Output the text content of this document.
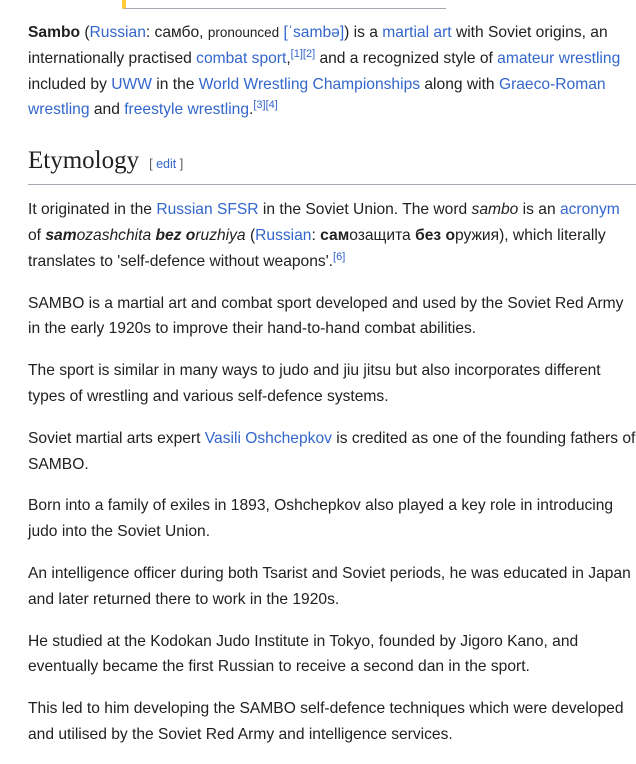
Sambo (Russian: самбо, pronounced [ˈsambə]) is a martial art with Soviet origins, an
internationally practised combat sport,[1][2] and a recognized style of amateur wrestling
included by UWW in the World Wrestling Championships along with Graeco-Roman
wrestling and freestyle wrestling.[3][4]

Etymology [ edit ]

It originated in the Russian SFSR in the Soviet Union. The word sambo is an acronym
of samozashchita bez oruzhiya (Russian: самозащита без оружия), which literally
translates to 'self-defence without weapons'.[6]

SAMBO is a martial art and combat sport developed and used by the Soviet Red Army
in the early 1920s to improve their hand-to-hand combat abilities.

The sport is similar in many ways to judo and jiu jitsu but also incorporates different
types of wrestling and various self-defence systems.

Soviet martial arts expert Vasili Oshchepkov is credited as one of the founding fathers of
SAMBO.

Born into a family of exiles in 1893, Oshchepkov also played a key role in introducing
judo into the Soviet Union.

An intelligence officer during both Tsarist and Soviet periods, he was educated in Japan
and later returned there to work in the 1920s.

He studied at the Kodokan Judo Institute in Tokyo, founded by Jigoro Kano, and
eventually became the first Russian to receive a second dan in the sport.

This led to him developing the SAMBO self-defence techniques which were developed
and utilised by the Soviet Red Army and intelligence services.
